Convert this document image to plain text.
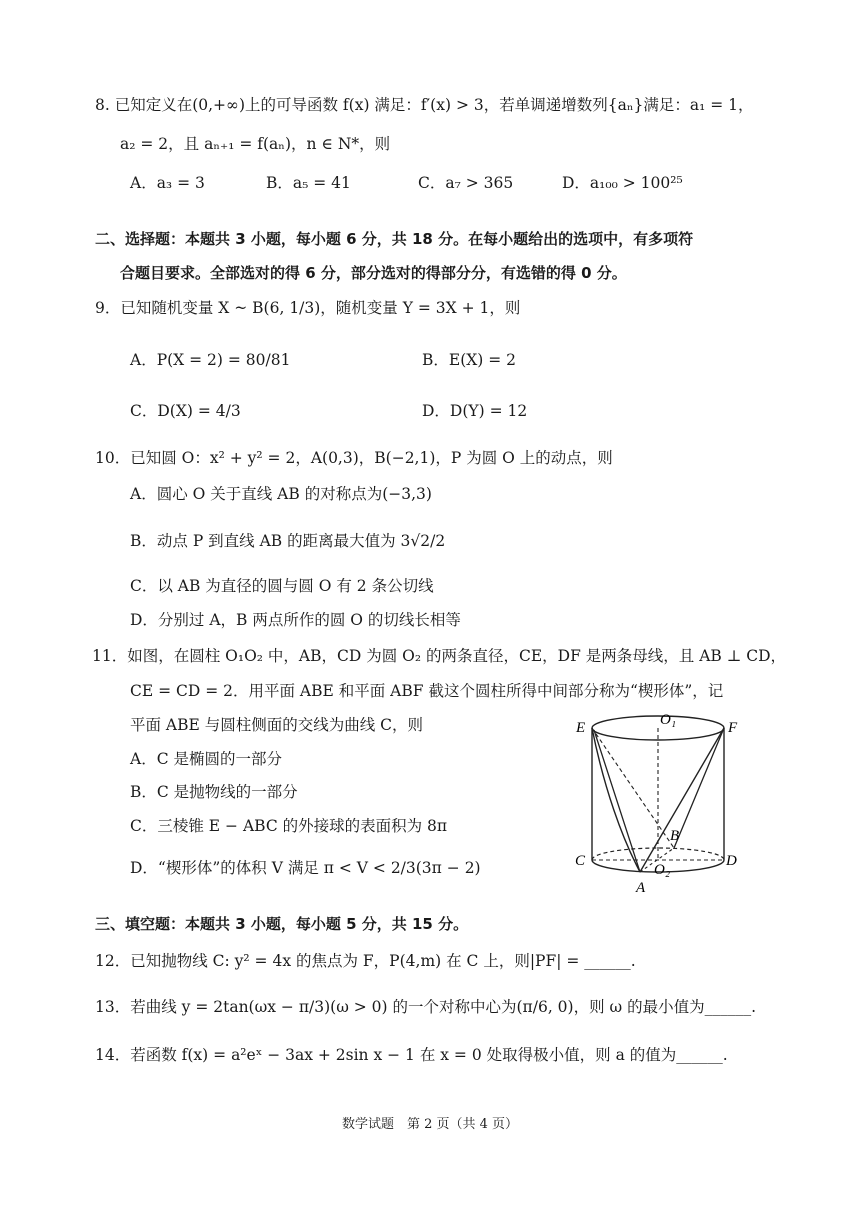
8. 已知定义在(0,+∞)上的可导函数 f(x) 满足：f′(x) > 3，若单调递增数列{aₙ}满足：a₁ = 1，
a₂ = 2，且 aₙ₊₁ = f(aₙ)，n ∈ N*，则
A．a₃ = 3	B．a₅ = 41	C．a₇ > 365	D．a₁₀₀ > 100²⁵
二、选择题：本题共 3 小题，每小题 6 分，共 18 分。在每小题给出的选项中，有多项符
合题目要求。全部选对的得 6 分，部分选对的得部分分，有选错的得 0 分。
9．已知随机变量 X ~ B(6, 1/3)，随机变量 Y = 3X + 1，则
A．P(X = 2) = 80/81	B．E(X) = 2
C．D(X) = 4/3	D．D(Y) = 12
10．已知圆 O：x² + y² = 2，A(0,3)，B(−2,1)，P 为圆 O 上的动点，则
A．圆心 O 关于直线 AB 的对称点为(−3,3)
B．动点 P 到直线 AB 的距离最大值为 3√2/2
C．以 AB 为直径的圆与圆 O 有 2 条公切线
D．分别过 A，B 两点所作的圆 O 的切线长相等
11．如图，在圆柱 O₁O₂ 中，AB，CD 为圆 O₂ 的两条直径，CE，DF 是两条母线，且 AB ⊥ CD，
CE = CD = 2．用平面 ABE 和平面 ABF 截这个圆柱所得中间部分称为“楔形体”，记
平面 ABE 与圆柱侧面的交线为曲线 C，则
A．C 是椭圆的一部分
B．C 是抛物线的一部分
C．三棱锥 E − ABC 的外接球的表面积为 8π
D．“楔形体”的体积 V 满足 π < V < 2/3(3π − 2)
E	O₁	F
B
C
O₂
D
A
三、填空题：本题共 3 小题，每小题 5 分，共 15 分。
12．已知抛物线 C: y² = 4x 的焦点为 F，P(4,m) 在 C 上，则|PF| = ______.
13．若曲线 y = 2tan(ωx − π/3)(ω > 0) 的一个对称中心为(π/6, 0)，则 ω 的最小值为______.
14．若函数 f(x) = a²eˣ − 3ax + 2sin x − 1 在 x = 0 处取得极小值，则 a 的值为______.
数学试题　第 2 页（共 4 页）
